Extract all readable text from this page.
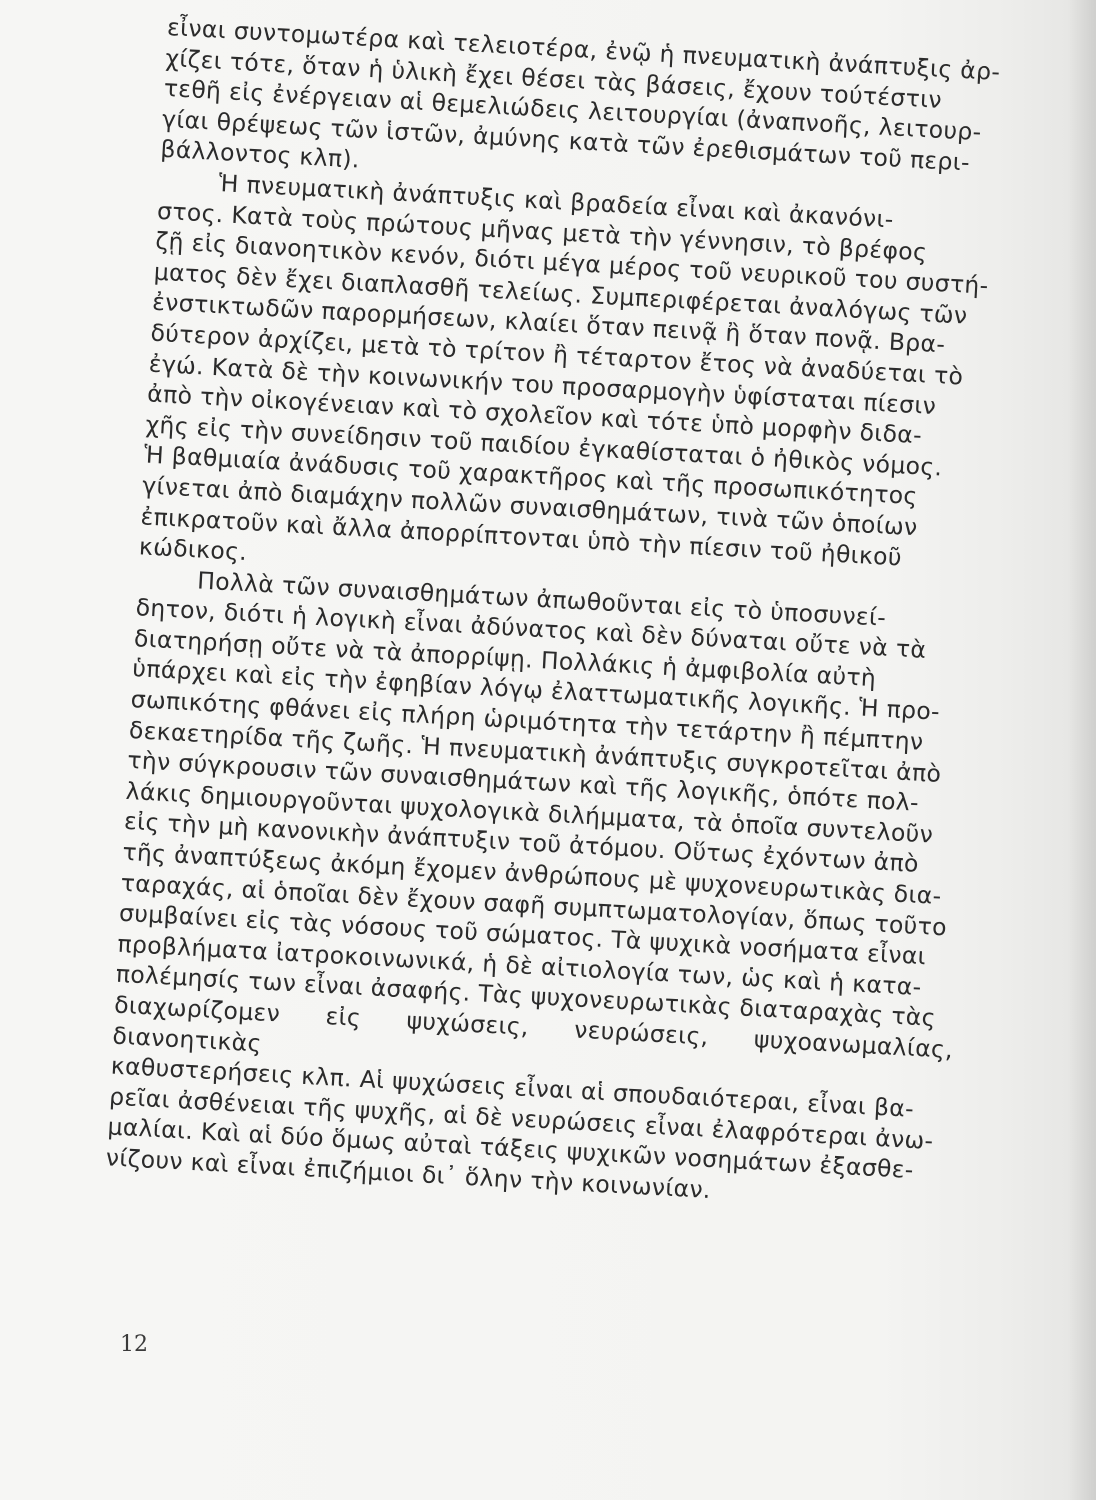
εἶναι συντομωτέρα καὶ τελειοτέρα, ἐνῷ ἡ πνευματικὴ ἀνάπτυξις ἀρ-
χίζει τότε, ὅταν ἡ ὑλικὴ ἔχει θέσει τὰς βάσεις, ἔχουν τούτέστιν
τεθῆ εἰς ἐνέργειαν αἱ θεμελιώδεις λειτουργίαι (ἀναπνοῆς, λειτουρ-
γίαι θρέψεως τῶν ἱστῶν, ἀμύνης κατὰ τῶν ἐρεθισμάτων τοῦ περι-
βάλλοντος κλπ).

Ἡ πνευματικὴ ἀνάπτυξις καὶ βραδεία εἶναι καὶ ἀκανόνι-
στος. Κατὰ τοὺς πρώτους μῆνας μετὰ τὴν γέννησιν, τὸ βρέφος
ζῇ εἰς διανοητικὸν κενόν, διότι μέγα μέρος τοῦ νευρικοῦ του συστή-
ματος δὲν ἔχει διαπλασθῆ τελείως. Συμπεριφέρεται ἀναλόγως τῶν
ἐνστικτωδῶν παρορμήσεων, κλαίει ὅταν πεινᾷ ἢ ὅταν πονᾷ. Βρα-
δύτερον ἀρχίζει, μετὰ τὸ τρίτον ἢ τέταρτον ἔτος νὰ ἀναδύεται τὸ
ἐγώ. Κατὰ δὲ τὴν κοινωνικήν του προσαρμογὴν ὑφίσταται πίεσιν
ἀπὸ τὴν οἰκογένειαν καὶ τὸ σχολεῖον καὶ τότε ὑπὸ μορφὴν διδα-
χῆς εἰς τὴν συνείδησιν τοῦ παιδίου ἐγκαθίσταται ὁ ἠθικὸς νόμος.
Ἡ βαθμιαία ἀνάδυσις τοῦ χαρακτῆρος καὶ τῆς προσωπικότητος
γίνεται ἀπὸ διαμάχην πολλῶν συναισθημάτων, τινὰ τῶν ὁποίων
ἐπικρατοῦν καὶ ἄλλα ἀπορρίπτονται ὑπὸ τὴν πίεσιν τοῦ ἠθικοῦ
κώδικος.

Πολλὰ τῶν συναισθημάτων ἀπωθοῦνται εἰς τὸ ὑποσυνεί-
δητον, διότι ἡ λογικὴ εἶναι ἀδύνατος καὶ δὲν δύναται οὔτε νὰ τὰ
διατηρήσῃ οὔτε νὰ τὰ ἀπορρίψῃ. Πολλάκις ἡ ἀμφιβολία αὐτὴ
ὑπάρχει καὶ εἰς τὴν ἐφηβίαν λόγῳ ἐλαττωματικῆς λογικῆς. Ἡ προ-
σωπικότης φθάνει εἰς πλήρη ὡριμότητα τὴν τετάρτην ἢ πέμπτην
δεκαετηρίδα τῆς ζωῆς. Ἡ πνευματικὴ ἀνάπτυξις συγκροτεῖται ἀπὸ
τὴν σύγκρουσιν τῶν συναισθημάτων καὶ τῆς λογικῆς, ὁπότε πολ-
λάκις δημιουργοῦνται ψυχολογικὰ διλήμματα, τὰ ὁποῖα συντελοῦν
εἰς τὴν μὴ κανονικὴν ἀνάπτυξιν τοῦ ἀτόμου. Οὕτως ἐχόντων ἀπὸ
τῆς ἀναπτύξεως ἀκόμη ἔχομεν ἀνθρώπους μὲ ψυχονευρωτικὰς δια-
ταραχάς, αἱ ὁποῖαι δὲν ἔχουν σαφῆ συμπτωματολογίαν, ὅπως τοῦτο
συμβαίνει εἰς τὰς νόσους τοῦ σώματος. Τὰ ψυχικὰ νοσήματα εἶναι
προβλήματα ἰατροκοινωνικά, ἡ δὲ αἰτιολογία των, ὡς καὶ ἡ κατα-
πολέμησίς των εἶναι ἀσαφής. Τὰς ψυχονευρωτικὰς διαταραχὰς τὰς
διαχωρίζομεν εἰς ψυχώσεις, νευρώσεις, ψυχοανωμαλίας, διανοητικὰς
καθυστερήσεις κλπ. Αἱ ψυχώσεις εἶναι αἱ σπουδαιότεραι, εἶναι βα-
ρεῖαι ἀσθένειαι τῆς ψυχῆς, αἱ δὲ νευρώσεις εἶναι ἐλαφρότεραι ἀνω-
μαλίαι. Καὶ αἱ δύο ὅμως αὐταὶ τάξεις ψυχικῶν νοσημάτων ἐξασθε-
νίζουν καὶ εἶναι ἐπιζήμιοι δι᾿ ὅλην τὴν κοινωνίαν.

12
